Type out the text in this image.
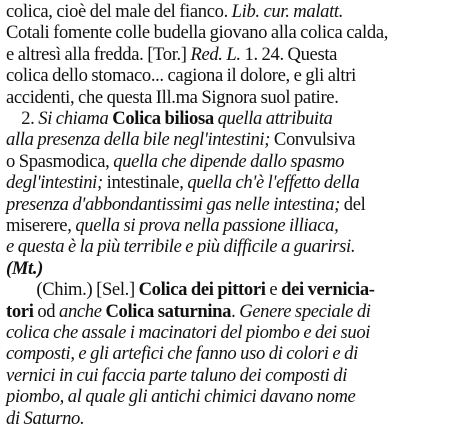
colica, cioè del male del fianco. Lib. cur. malatt.
Cotali fomente colle budella giovano alla colica calda,
e altresì alla fredda. [Tor.] Red. L. 1. 24. Questa
colica dello stomaco... cagiona il dolore, e gli altri
accidenti, che questa Ill.ma Signora suol patire.
2. Si chiama Colica biliosa quella attribuita
alla presenza della bile negl'intestini; Convulsiva
o Spasmodica, quella che dipende dallo spasmo
degl'intestini; intestinale, quella ch'è l'effetto della
presenza d'abbondantissimi gas nelle intestina; del
miserere, quella si prova nella passione illiaca,
e questa è la più terribile e più difficile a guarirsi.
(Mt.)
(Chim.) [Sel.] Colica dei pittori e dei vernicia-
tori od anche Colica saturnina. Genere speciale di
colica che assale i macinatori del piombo e dei suoi
composti, e gli artefici che fanno uso di colori e di
vernici in cui faccia parte taluno dei composti di
piombo, al quale gli antichi chimici davano nome
di Saturno.
